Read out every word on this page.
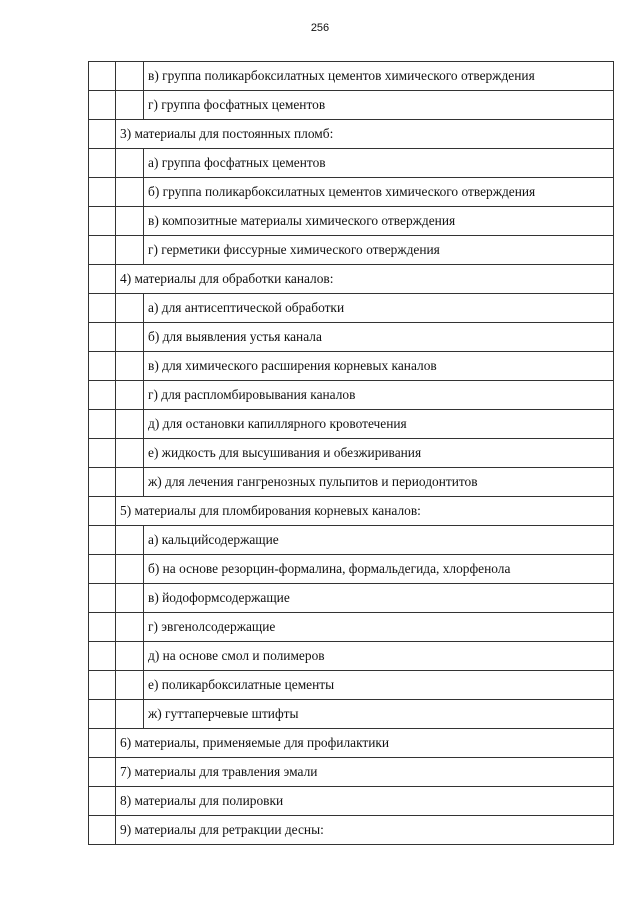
256
		в) группа поликарбоксилатных цементов химического отверждения
		г) группа фосфатных цементов
	3) материалы для постоянных пломб:	
		а) группа фосфатных цементов
		б) группа поликарбоксилатных цементов химического отверждения
		в) композитные материалы химического отверждения
		г) герметики фиссурные химического отверждения
	4) материалы для обработки каналов:	
		а) для антисептической обработки
		б) для выявления устья канала
		в) для химического расширения корневых каналов
		г) для распломбировывания каналов
		д) для остановки капиллярного кровотечения
		е) жидкость для высушивания и обезжиривания
		ж) для лечения гангренозных пульпитов и периодонтитов
	5) материалы для пломбирования корневых каналов:	
		а) кальцийсодержащие
		б) на основе резорцин-формалина, формальдегида, хлорфенола
		в) йодоформсодержащие
		г) эвгенолсодержащие
		д) на основе смол и полимеров
		е) поликарбоксилатные цементы
		ж) гуттаперчевые штифты
	6) материалы, применяемые для профилактики	
	7) материалы для травления эмали	
	8) материалы для полировки	
	9) материалы для ретракции десны:	
